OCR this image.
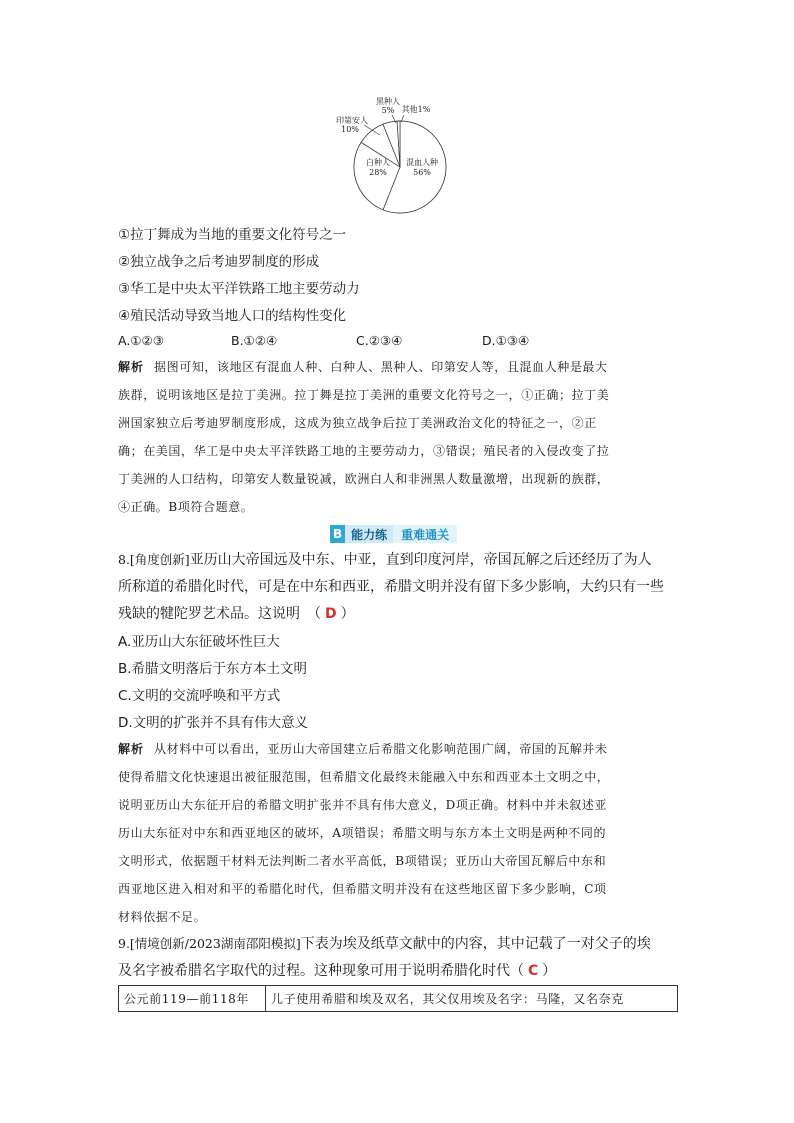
混血人种
56%
白种人
28%
印第安人
10%
黑种人
5% 其他1%
①拉丁舞成为当地的重要文化符号之一
②独立战争之后考迪罗制度的形成
③华工是中央太平洋铁路工地主要劳动力
④殖民活动导致当地人口的结构性变化
A.①②③	B.①②④	C.②③④	D.①③④
解析 据图可知，该地区有混血人种、白种人、黑种人、印第安人等，且混血人种是最大
族群，说明该地区是拉丁美洲。拉丁舞是拉丁美洲的重要文化符号之一，①正确；拉丁美
洲国家独立后考迪罗制度形成，这成为独立战争后拉丁美洲政治文化的特征之一，②正
确；在美国，华工是中央太平洋铁路工地的主要劳动力，③错误；殖民者的入侵改变了拉
丁美洲的人口结构，印第安人数量锐减，欧洲白人和非洲黑人数量激增，出现新的族群，
④正确。B项符合题意。
B 能力练	重难通关
8.[角度创新]亚历山大帝国远及中东、中亚，直到印度河岸，帝国瓦解之后还经历了为人
所称道的希腊化时代，可是在中东和西亚，希腊文明并没有留下多少影响，大约只有一些
残缺的犍陀罗艺术品。这说明　（ D ）
A.亚历山大东征破坏性巨大
B.希腊文明落后于东方本土文明
C.文明的交流呼唤和平方式
D.文明的扩张并不具有伟大意义
解析 从材料中可以看出，亚历山大帝国建立后希腊文化影响范围广阔，帝国的瓦解并未
使得希腊文化快速退出被征服范围，但希腊文化最终未能融入中东和西亚本土文明之中，
说明亚历山大东征开启的希腊文明扩张并不具有伟大意义，D项正确。材料中并未叙述亚
历山大东征对中东和西亚地区的破坏，A项错误；希腊文明与东方本土文明是两种不同的
文明形式，依据题干材料无法判断二者水平高低，B项错误；亚历山大帝国瓦解后中东和
西亚地区进入相对和平的希腊化时代，但希腊文明并没有在这些地区留下多少影响，C项
材料依据不足。
9.[情境创新/2023湖南邵阳模拟]下表为埃及纸草文献中的内容，其中记载了一对父子的埃
及名字被希腊名字取代的过程。这种现象可用于说明希腊化时代（ C ）
公元前119—前118年	儿子使用希腊和埃及双名，其父仅用埃及名字：马隆，又名奈克
